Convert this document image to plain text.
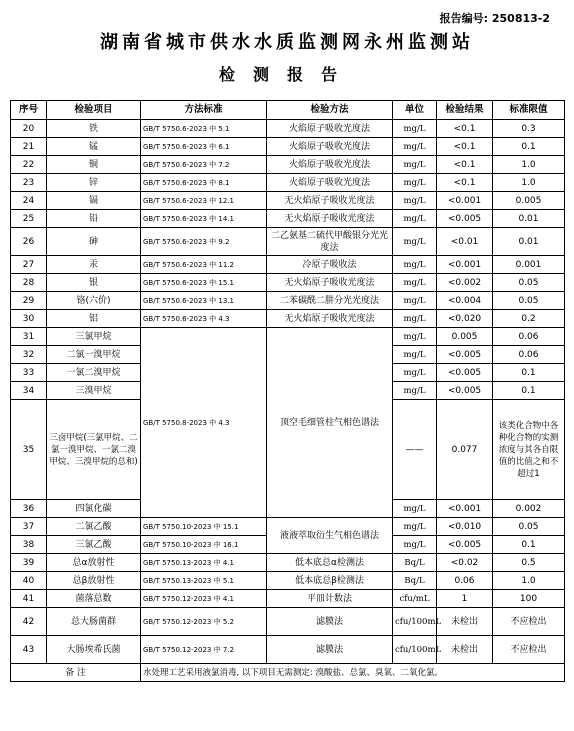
报告编号: 250813-2
湖南省城市供水水质监测网永州监测站
检测报告
序号	检验项目	方法标准	检验方法	单位	检验结果	标准限值
20	铁	GB/T 5750.6-2023 中 5.1	火焰原子吸收光度法	mg/L	<0.1	0.3
21	锰	GB/T 5750.6-2023 中 6.1	火焰原子吸收光度法	mg/L	<0.1	0.1
22	铜	GB/T 5750.6-2023 中 7.2	火焰原子吸收光度法	mg/L	<0.1	1.0
23	锌	GB/T 5750.6-2023 中 8.1	火焰原子吸收光度法	mg/L	<0.1	1.0
24	镉	GB/T 5750.6-2023 中 12.1	无火焰原子吸收光度法	mg/L	<0.001	0.005
25	铅	GB/T 5750.6-2023 中 14.1	无火焰原子吸收光度法	mg/L	<0.005	0.01
26	砷	GB/T 5750.6-2023 中 9.2	二乙氨基二硫代甲酸银分光光度法	mg/L	<0.01	0.01
27	汞	GB/T 5750.6-2023 中 11.2	冷原子吸收法	mg/L	<0.001	0.001
28	银	GB/T 5750.6-2023 中 15.1	无火焰原子吸收光度法	mg/L	<0.002	0.05
29	铬(六价)	GB/T 5750.6-2023 中 13.1	二苯碳酰二肼分光光度法	mg/L	<0.004	0.05
30	铝	GB/T 5750.6-2023 中 4.3	无火焰原子吸收光度法	mg/L	<0.020	0.2
31	三氯甲烷	GB/T 5750.8-2023 中 4.3	顶空毛细管柱气相色谱法	mg/L	0.005	0.06
32	二氯一溴甲烷			mg/L	<0.005	0.06
33	一氯二溴甲烷			mg/L	<0.005	0.1
34	三溴甲烷			mg/L	<0.005	0.1
35	三卤甲烷(三氯甲烷、二氯一溴甲烷、一氯二溴甲烷、三溴甲烷的总和)			——	0.077	该类化合物中各种化合物的实测浓度与其各自限值的比值之和不超过1
36	四氯化碳			mg/L	<0.001	0.002
37	二氯乙酸	GB/T 5750.10-2023 中 15.1	液液萃取衍生气相色谱法	mg/L	<0.010	0.05
38	三氯乙酸	GB/T 5750.10-2023 中 16.1		mg/L	<0.005	0.1
39	总α放射性	GB/T 5750.13-2023 中 4.1	低本底总α检测法	Bq/L	<0.02	0.5
40	总β放射性	GB/T 5750.13-2023 中 5.1	低本底总β检测法	Bq/L	0.06	1.0
41	菌落总数	GB/T 5750.12-2023 中 4.1	平皿计数法	cfu/mL	1	100
42	总大肠菌群	GB/T 5750.12-2023 中 5.2	滤膜法	cfu/100mL	未检出	不应检出
43	大肠埃希氏菌	GB/T 5750.12-2023 中 7.2	滤膜法	cfu/100mL	未检出	不应检出
备 注		水处理工艺采用液氯消毒, 以下项目无需测定: 溴酸盐、总氯、臭氧、二氧化氯。				
